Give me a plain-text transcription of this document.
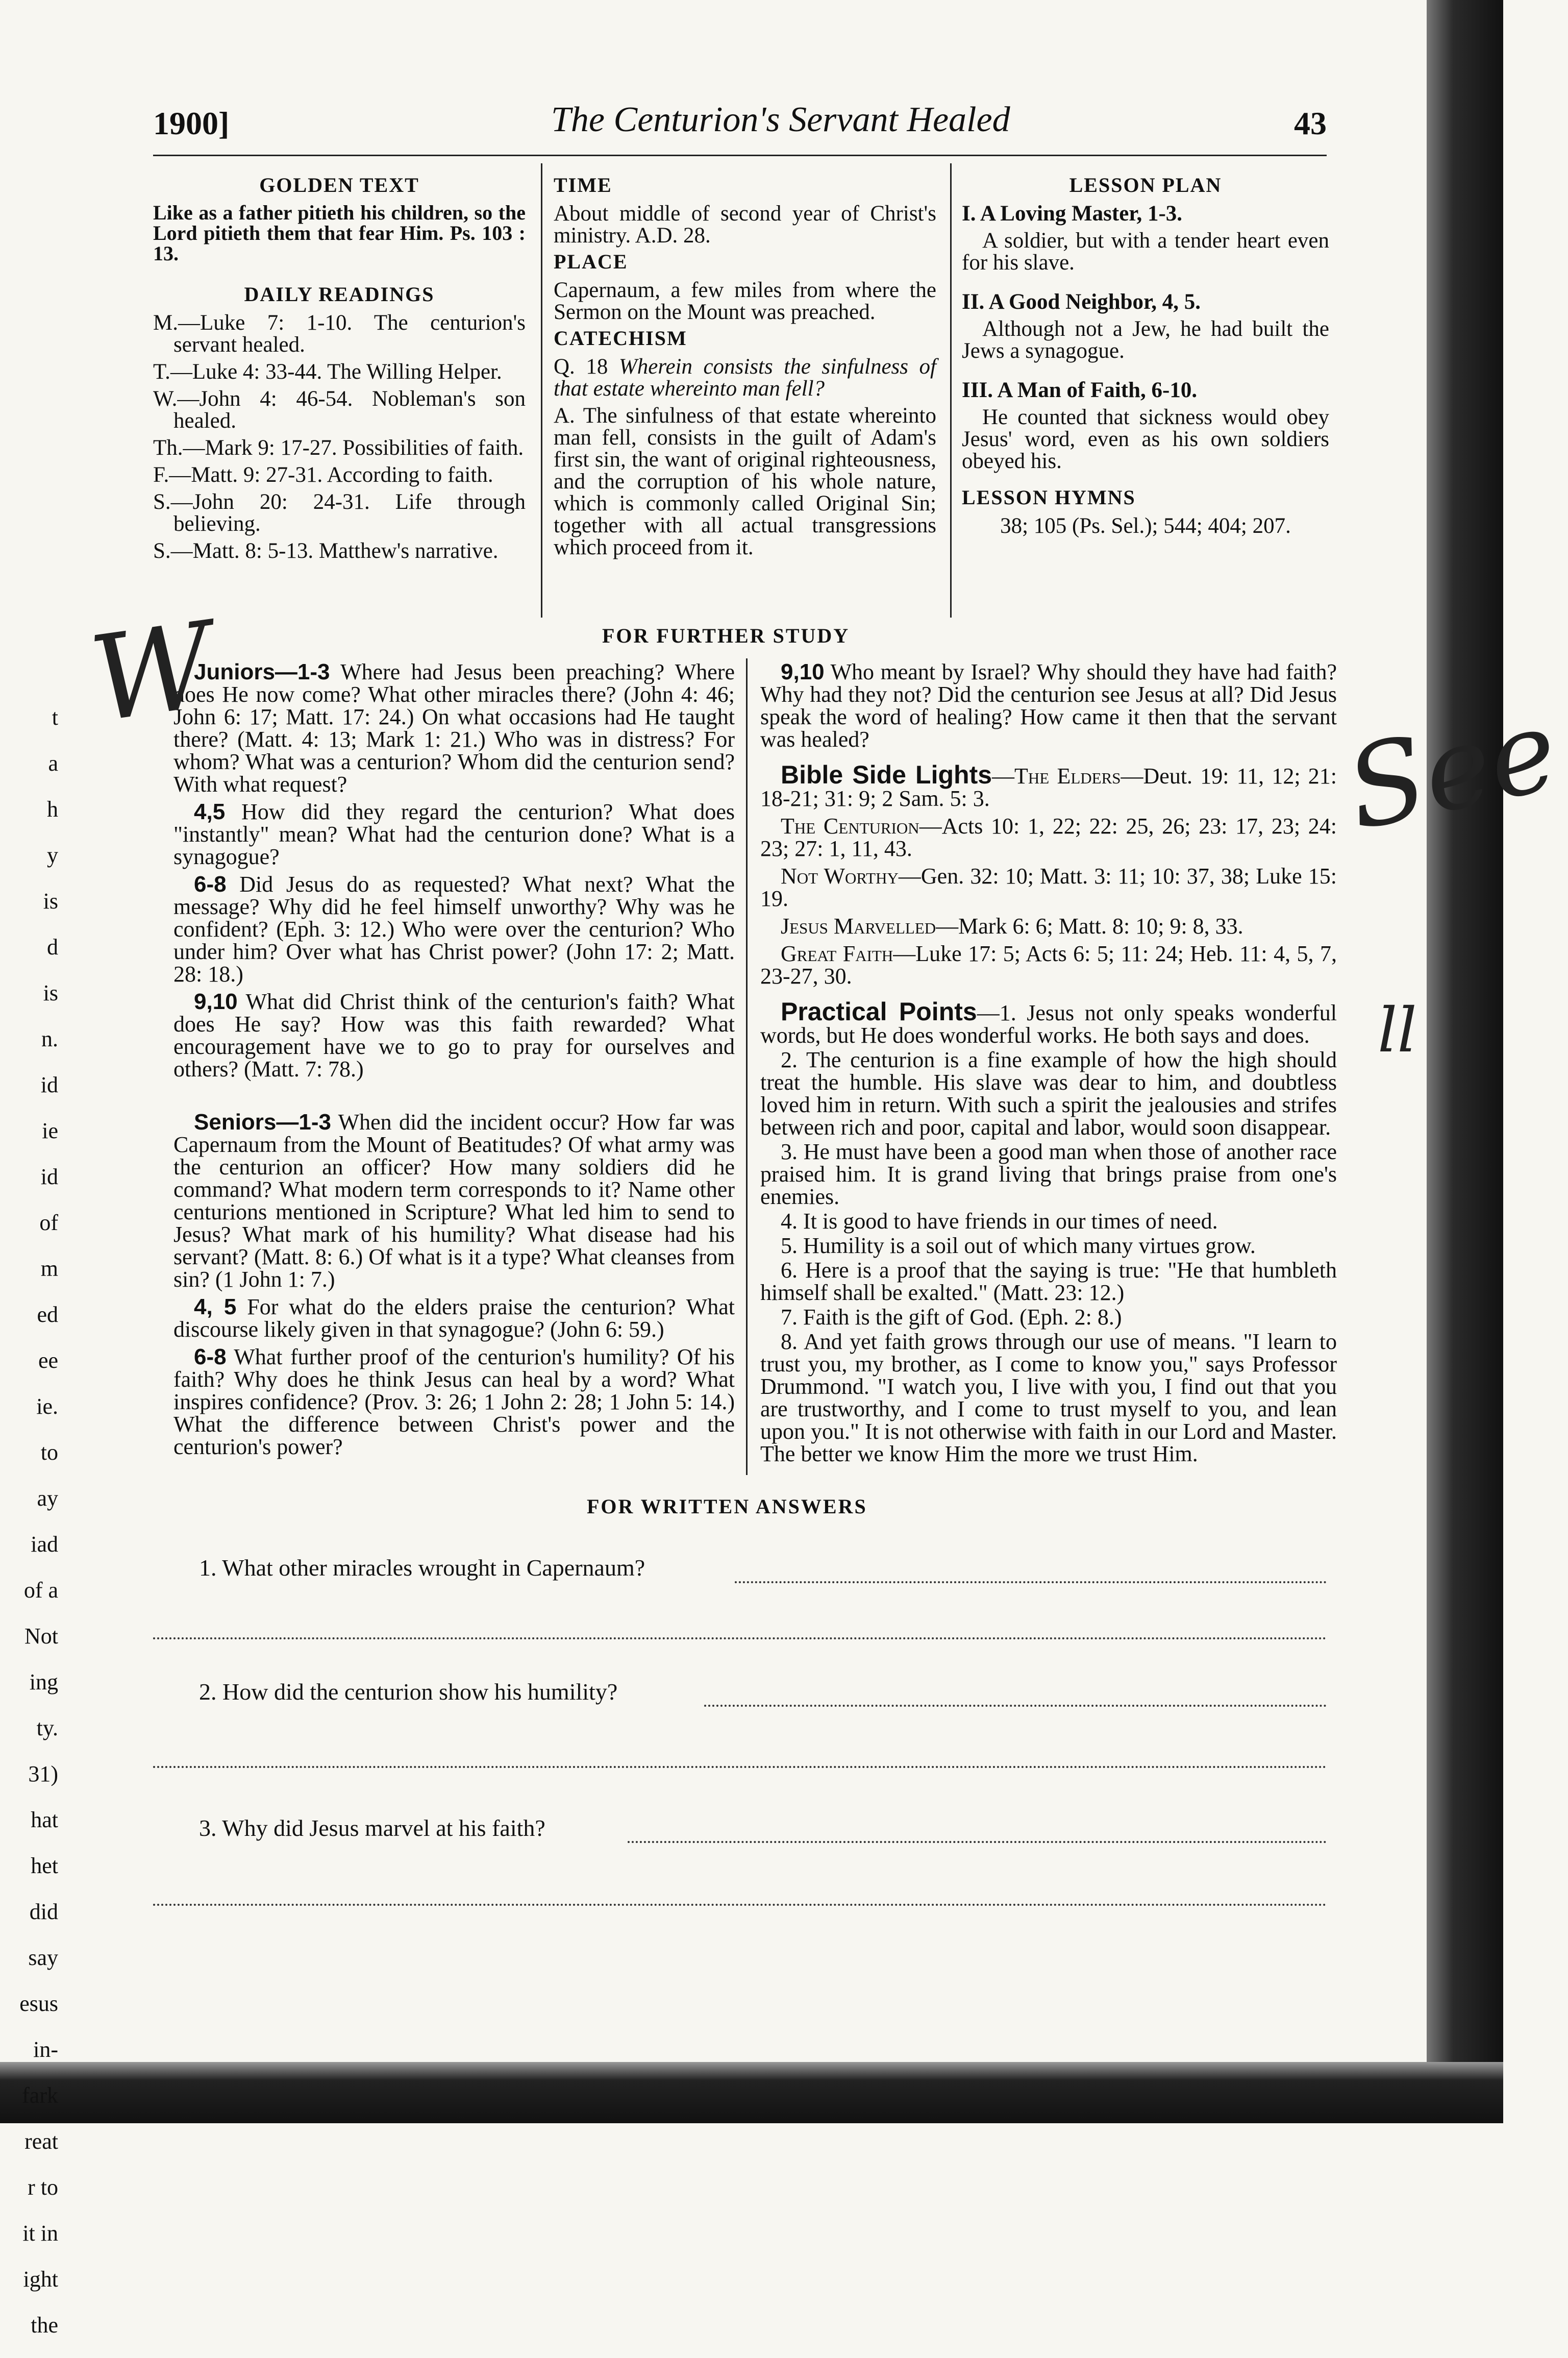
t
a
h
y
is
d
is
n.
id
ie
id
of
m
ed
ee
ie.
to
ay
iad
of a
Not
ing
ty.
31)
hat
het
did
say
esus
in-
fark
reat
r to
it in
ight
the
1900]	The Centurion's Servant Healed	43

GOLDEN TEXT

Like as a father pitieth his children, so the Lord pitieth them that fear Him. Ps. 103 : 13.

DAILY READINGS

M.—Luke 7: 1-10. The centurion's servant healed.

T.—Luke 4: 33-44. The Willing Helper.

W.—John 4: 46-54. Nobleman's son healed.

Th.—Mark 9: 17-27. Possibilities of faith.

F.—Matt. 9: 27-31. According to faith.

S.—John 20: 24-31. Life through believing.

S.—Matt. 8: 5-13. Matthew's narrative.

TIME

About middle of second year of Christ's ministry. A.D. 28.

PLACE

Capernaum, a few miles from where the Sermon on the Mount was preached.

CATECHISM

Q. 18 Wherein consists the sinfulness of that estate whereinto man fell?

A. The sinfulness of that estate whereinto man fell, consists in the guilt of Adam's first sin, the want of original righteousness, and the corruption of his whole nature, which is commonly called Original Sin; together with all actual transgressions which proceed from it.

LESSON PLAN

I. A Loving Master, 1-3.

A soldier, but with a tender heart even for his slave.

II. A Good Neighbor, 4, 5.

Although not a Jew, he had built the Jews a synagogue.

III. A Man of Faith, 6-10.

He counted that sickness would obey Jesus' word, even as his own soldiers obeyed his.

LESSON HYMNS

38; 105 (Ps. Sel.); 544; 404; 207.

FOR FURTHER STUDY

Juniors—1-3 Where had Jesus been preaching? Where does He now come? What other miracles there? (John 4: 46; John 6: 17; Matt. 17: 24.) On what occasions had He taught there? (Matt. 4: 13; Mark 1: 21.) Who was in distress? For whom? What was a centurion? Whom did the centurion send? With what request?

4,5 How did they regard the centurion? What does "instantly" mean? What had the centurion done? What is a synagogue?

6-8 Did Jesus do as requested? What next? What the message? Why did he feel himself unworthy? Why was he confident? (Eph. 3: 12.) Who were over the centurion? Who under him? Over what has Christ power? (John 17: 2; Matt. 28: 18.)

9,10 What did Christ think of the centurion's faith? What does He say? How was this faith rewarded? What encouragement have we to go to pray for ourselves and others? (Matt. 7: 78.)

Seniors—1-3 When did the incident occur? How far was Capernaum from the Mount of Beatitudes? Of what army was the centurion an officer? How many soldiers did he command? What modern term corresponds to it? Name other centurions mentioned in Scripture? What led him to send to Jesus? What mark of his humility? What disease had his servant? (Matt. 8: 6.) Of what is it a type? What cleanses from sin? (1 John 1: 7.)

4, 5 For what do the elders praise the centurion? What discourse likely given in that synagogue? (John 6: 59.)

6-8 What further proof of the centurion's humility? Of his faith? Why does he think Jesus can heal by a word? What inspires confidence? (Prov. 3: 26; 1 John 2: 28; 1 John 5: 14.) What the difference between Christ's power and the centurion's power?

9,10 Who meant by Israel? Why should they have had faith? Why had they not? Did the centurion see Jesus at all? Did Jesus speak the word of healing? How came it then that the servant was healed?

Bible Side Lights—The Elders—Deut. 19: 11, 12; 21: 18-21; 31: 9; 2 Sam. 5: 3.

The Centurion—Acts 10: 1, 22; 22: 25, 26; 23: 17, 23; 24: 23; 27: 1, 11, 43.

Not Worthy—Gen. 32: 10; Matt. 3: 11; 10: 37, 38; Luke 15: 19.

Jesus Marvelled—Mark 6: 6; Matt. 8: 10; 9: 8, 33.

Great Faith—Luke 17: 5; Acts 6: 5; 11: 24; Heb. 11: 4, 5, 7, 23-27, 30.

Practical Points—1. Jesus not only speaks wonderful words, but He does wonderful works. He both says and does.

2. The centurion is a fine example of how the high should treat the humble. His slave was dear to him, and doubtless loved him in return. With such a spirit the jealousies and strifes between rich and poor, capital and labor, would soon disappear.

3. He must have been a good man when those of another race praised him. It is grand living that brings praise from one's enemies.

4. It is good to have friends in our times of need.

5. Humility is a soil out of which many virtues grow.

6. Here is a proof that the saying is true: "He that humbleth himself shall be exalted." (Matt. 23: 12.)

7. Faith is the gift of God. (Eph. 2: 8.)

8. And yet faith grows through our use of means. "I learn to trust you, my brother, as I come to know you," says Professor Drummond. "I watch you, I live with you, I find out that you are trustworthy, and I come to trust myself to you, and lean upon you." It is not otherwise with faith in our Lord and Master. The better we know Him the more we trust Him.

FOR WRITTEN ANSWERS
1. What other miracles wrought in Capernaum?
2. How did the centurion show his humility?
3. Why did Jesus marvel at his faith?
W
See
ll
